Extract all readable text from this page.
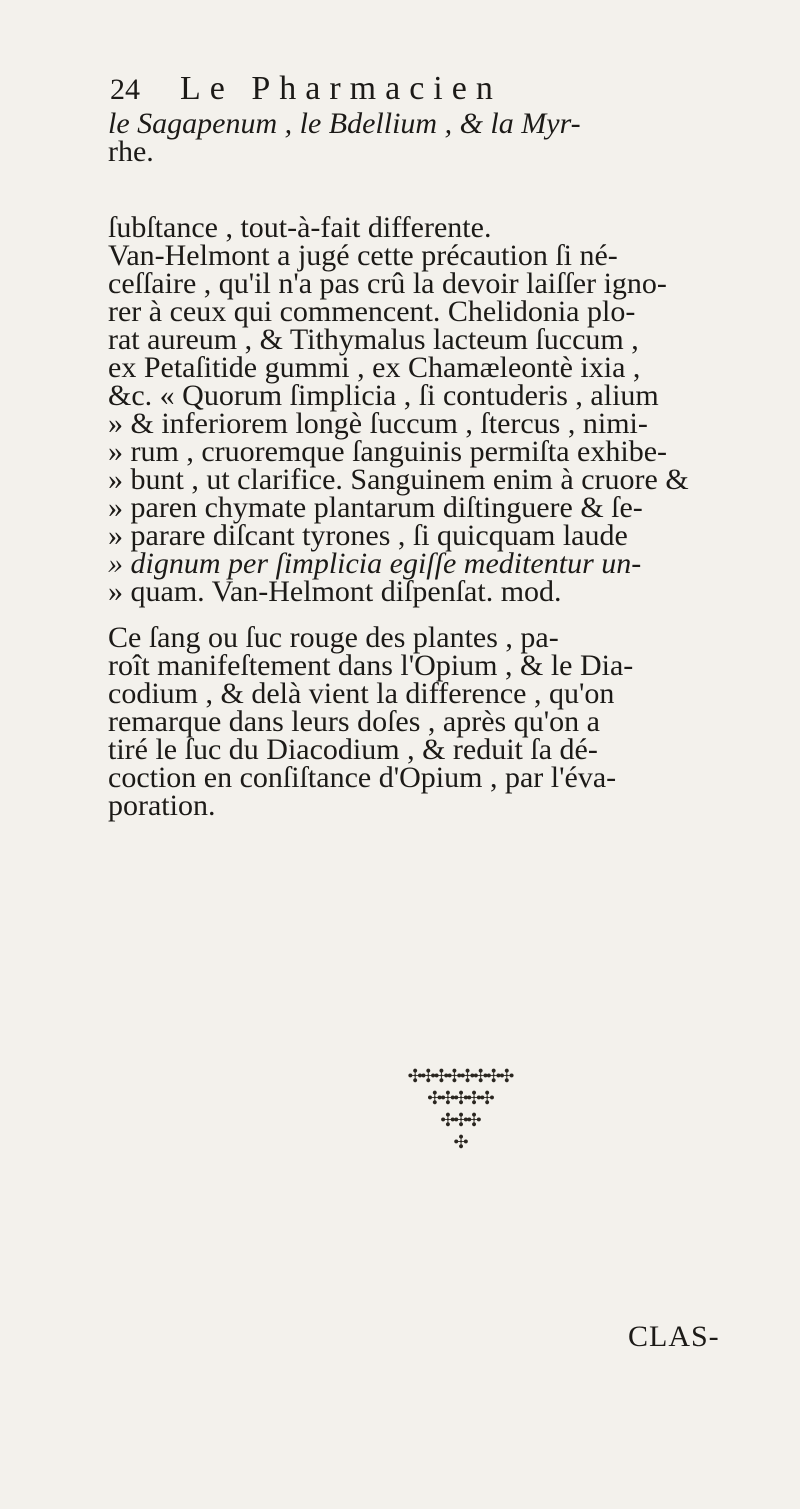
24 Le Pharmacien

le Sagapenum , le Bdellium , & la Myr-

rhe.

ſubſtance , tout-à-fait differente.

Van-Helmont a jugé cette précaution ſi né-

ceſſaire , qu'il n'a pas crû la devoir laiſſer igno-

rer à ceux qui commencent. Chelidonia plo-

rat aureum , & Tithymalus lacteum ſuccum ,

ex Petaſitide gummi , ex Chamæleontè ixia ,

&c. « Quorum ſimplicia , ſi contuderis , alium

» & inferiorem longè ſuccum , ſtercus , nimi-

» rum , cruoremque ſanguinis permiſta exhibe-

» bunt , ut clarifice. Sanguinem enim à cruore &

» paren chymate plantarum diſtinguere & ſe-

» parare diſcant tyrones , ſi quicquam laude

» dignum per ſimplicia egiſſe meditentur un-

» quam. Van-Helmont diſpenſat. mod.

Ce ſang ou ſuc rouge des plantes , pa-

roît manifeſtement dans l'Opium , & le Dia-

codium , & delà vient la difference , qu'on

remarque dans leurs doſes , après qu'on a

tiré le ſuc du Diacodium , & reduit ſa dé-

coction en conſiſtance d'Opium , par l'éva-

poration.

✣✣✣✣✣✣✣✣
✣✣✣✣✣
✣✣✣
✣
CLAS-
